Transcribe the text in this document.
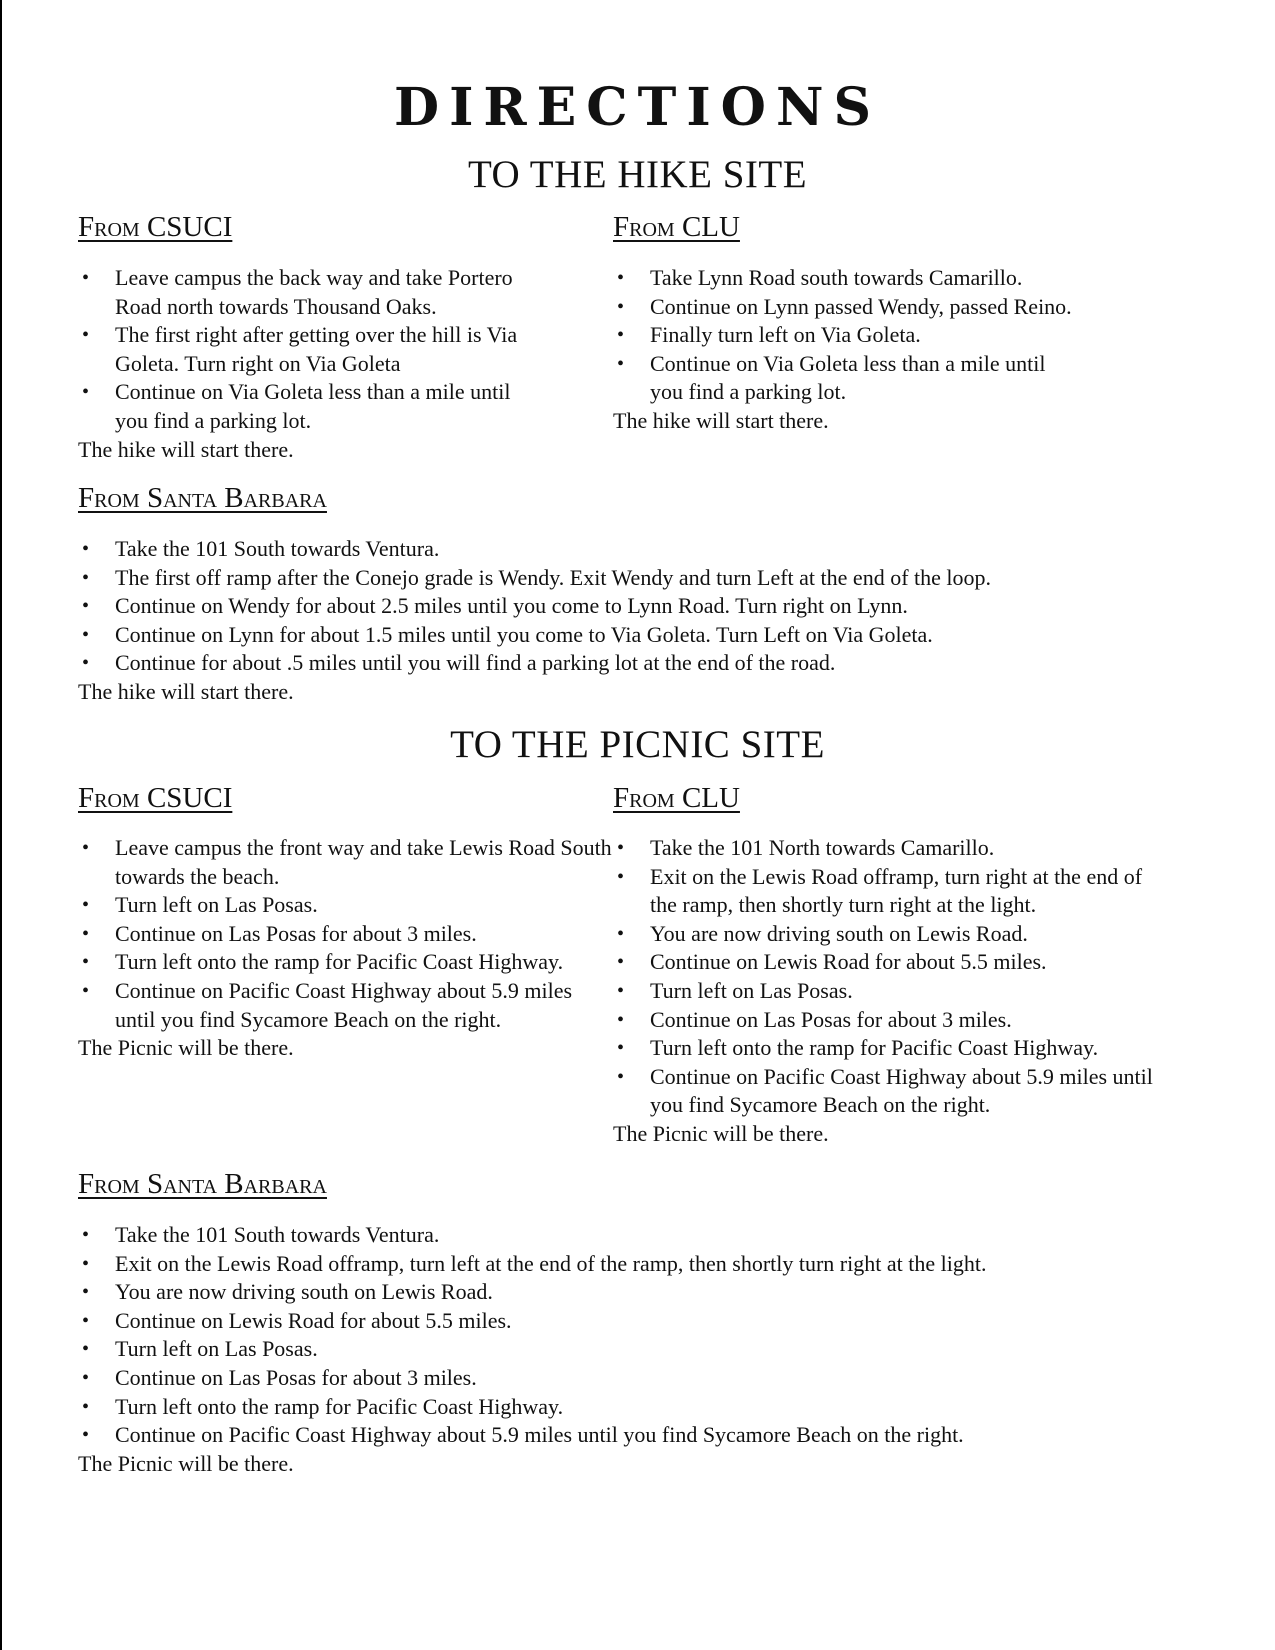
DIRECTIONS
TO THE HIKE SITE
From CSUCI
• Leave campus the back way and take Portero Road north towards Thousand Oaks.
• The first right after getting over the hill is Via Goleta. Turn right on Via Goleta
• Continue on Via Goleta less than a mile until you find a parking lot.

The hike will start there.

From CLU
• Take Lynn Road south towards Camarillo.
• Continue on Lynn passed Wendy, passed Reino.
• Finally turn left on Via Goleta.
• Continue on Via Goleta less than a mile until you find a parking lot.

The hike will start there.

From Santa Barbara
• Take the 101 South towards Ventura.
• The first off ramp after the Conejo grade is Wendy. Exit Wendy and turn Left at the end of the loop.
• Continue on Wendy for about 2.5 miles until you come to Lynn Road. Turn right on Lynn.
• Continue on Lynn for about 1.5 miles until you come to Via Goleta. Turn Left on Via Goleta.
• Continue for about .5 miles until you will find a parking lot at the end of the road.

The hike will start there.

TO THE PICNIC SITE
From CSUCI
• Leave campus the front way and take Lewis Road South towards the beach.
• Turn left on Las Posas.
• Continue on Las Posas for about 3 miles.
• Turn left onto the ramp for Pacific Coast Highway.
• Continue on Pacific Coast Highway about 5.9 miles until you find Sycamore Beach on the right.

The Picnic will be there.

From CLU
• Take the 101 North towards Camarillo.
• Exit on the Lewis Road offramp, turn right at the end of the ramp, then shortly turn right at the light.
• You are now driving south on Lewis Road.
• Continue on Lewis Road for about 5.5 miles.
• Turn left on Las Posas.
• Continue on Las Posas for about 3 miles.
• Turn left onto the ramp for Pacific Coast Highway.
• Continue on Pacific Coast Highway about 5.9 miles until you find Sycamore Beach on the right.

The Picnic will be there.

From Santa Barbara
• Take the 101 South towards Ventura.
• Exit on the Lewis Road offramp, turn left at the end of the ramp, then shortly turn right at the light.
• You are now driving south on Lewis Road.
• Continue on Lewis Road for about 5.5 miles.
• Turn left on Las Posas.
• Continue on Las Posas for about 3 miles.
• Turn left onto the ramp for Pacific Coast Highway.
• Continue on Pacific Coast Highway about 5.9 miles until you find Sycamore Beach on the right.

The Picnic will be there.
